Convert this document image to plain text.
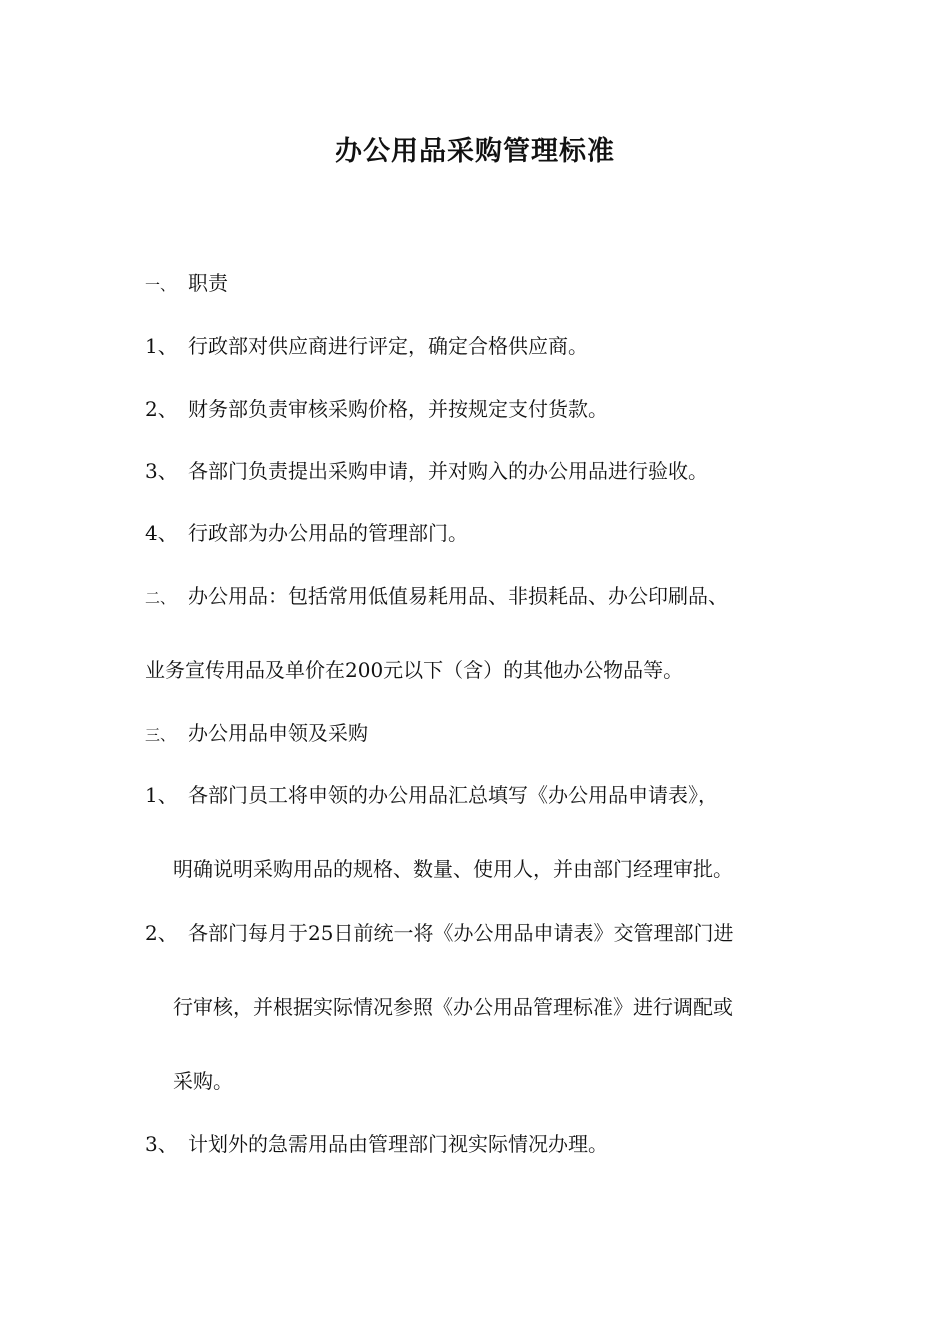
办公用品采购管理标准
一、 职责
1、 行政部对供应商进行评定，确定合格供应商。
2、 财务部负责审核采购价格，并按规定支付货款。
3、 各部门负责提出采购申请，并对购入的办公用品进行验收。
4、 行政部为办公用品的管理部门。
二、 办公用品：包括常用低值易耗用品、非损耗品、办公印刷品、
业务宣传用品及单价在200元以下（含）的其他办公物品等。
三、 办公用品申领及采购
1、 各部门员工将申领的办公用品汇总填写《办公用品申请表》，
明确说明采购用品的规格、数量、使用人，并由部门经理审批。
2、 各部门每月于25日前统一将《办公用品申请表》交管理部门进
行审核，并根据实际情况参照《办公用品管理标准》进行调配或
采购。
3、 计划外的急需用品由管理部门视实际情况办理。
